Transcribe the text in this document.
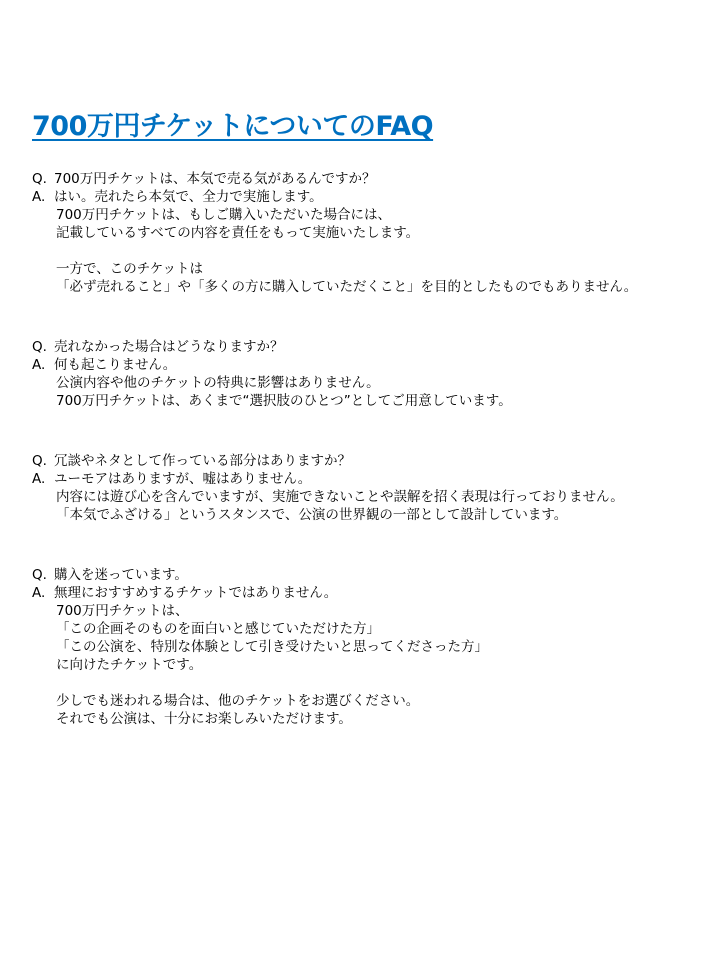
700万円チケットについてのFAQ
Q. 700万円チケットは、本気で売る気があるんですか？
A. はい。売れたら本気で、全力で実施します。
700万円チケットは、もしご購入いただいた場合には、
記載しているすべての内容を責任をもって実施いたします。
一方で、このチケットは
「必ず売れること」や「多くの方に購入していただくこと」を目的としたものでもありません。
Q. 売れなかった場合はどうなりますか？
A. 何も起こりません。
公演内容や他のチケットの特典に影響はありません。
700万円チケットは、あくまで“選択肢のひとつ”としてご用意しています。
Q. 冗談やネタとして作っている部分はありますか？
A. ユーモアはありますが、嘘はありません。
内容には遊び心を含んでいますが、実施できないことや誤解を招く表現は行っておりません。
「本気でふざける」というスタンスで、公演の世界観の一部として設計しています。
Q. 購入を迷っています。
A. 無理におすすめするチケットではありません。
700万円チケットは、
「この企画そのものを面白いと感じていただけた方」
「この公演を、特別な体験として引き受けたいと思ってくださった方」
に向けたチケットです。
少しでも迷われる場合は、他のチケットをお選びください。
それでも公演は、十分にお楽しみいただけます。
